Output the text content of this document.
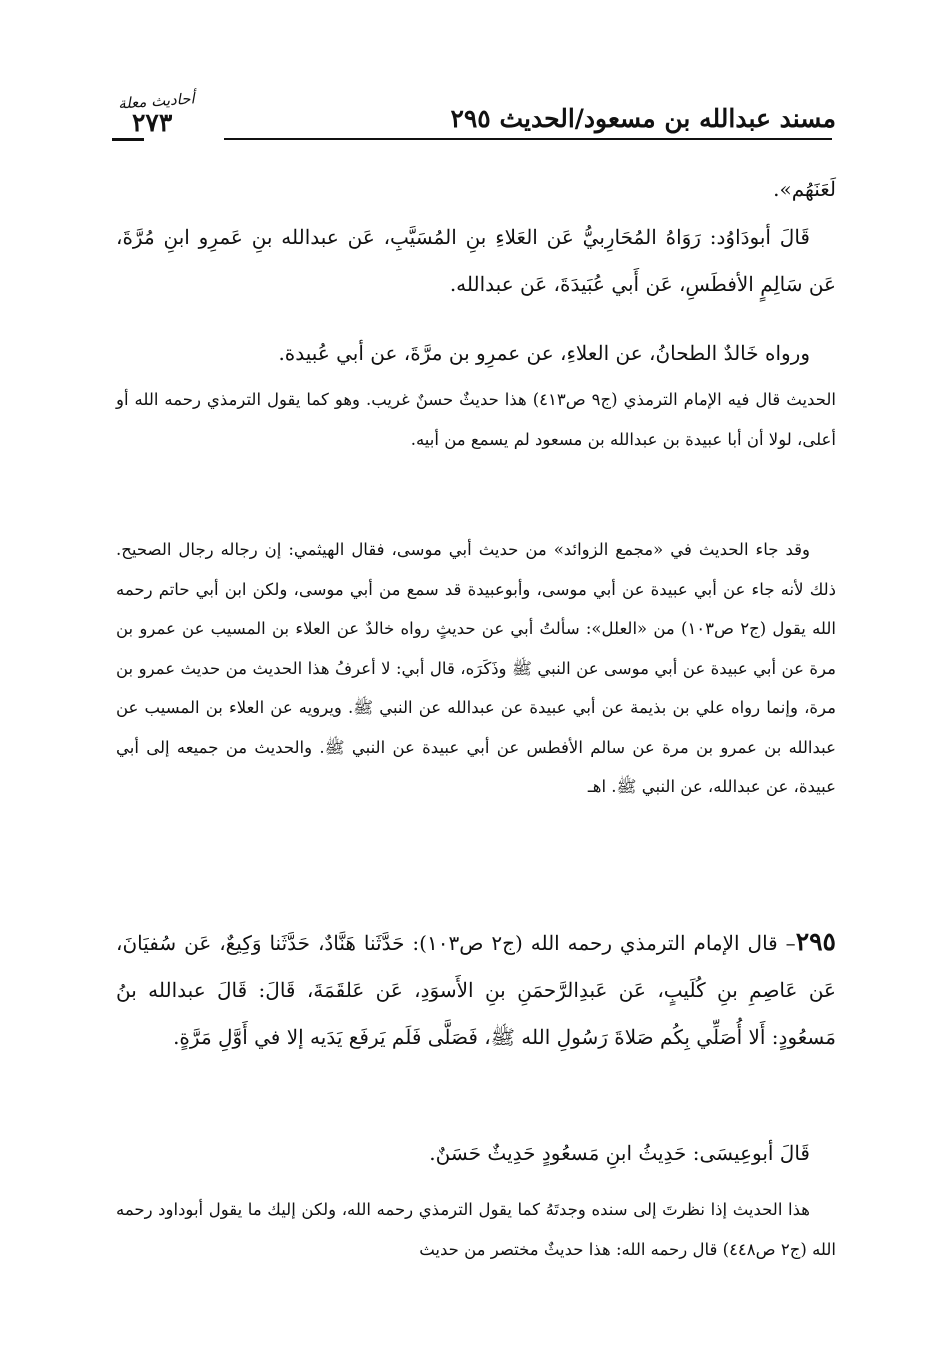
مسند عبدالله بن مسعود/الحديث ٢٩٥
أحاديث معلة
٢٧٣

لَعَنَهُم».

قَالَ أبودَاوُد: رَوَاهُ المُحَارِبيُّ عَن العَلاءِ بنِ المُسَيَّبِ، عَن عبدالله بنِ عَمرِو ابنِ مُرَّةَ، عَن سَالِمٍ الأفطَسِ، عَن أَبي عُبَيدَةَ، عَن عبدالله.

ورواه خَالدٌ الطحانُ، عن العلاءِ، عن عمرِو بن مرَّةَ، عن أبي عُبيدة.

الحديث قال فيه الإمام الترمذي (ج٩ ص٤١٣) هذا حديثٌ حسنٌ غريب. وهو كما يقول الترمذي رحمه الله أو أعلى، لولا أن أبا عبيدة بن عبدالله بن مسعود لم يسمع من أبيه.

وقد جاء الحديث في «مجمع الزوائد» من حديث أبي موسى، فقال الهيثمي: إن رجاله رجال الصحيح. ذلك لأنه جاء عن أبي عبيدة عن أبي موسى، وأبوعبيدة قد سمع من أبي موسى، ولكن ابن أبي حاتم رحمه الله يقول (ج٢ ص١٠٣) من «العلل»: سألتُ أبي عن حديثٍ رواه خالدٌ عن العلاء بن المسيب عن عمرو بن مرة عن أبي عبيدة عن أبي موسى عن النبي ﷺ وذَكَرَه، قال أبي: لا أعرفُ هذا الحديث من حديث عمرو بن مرة، وإنما رواه علي بن بذيمة عن أبي عبيدة عن عبدالله عن النبي ﷺ. ويرويه عن العلاء بن المسيب عن عبدالله بن عمرو بن مرة عن سالم الأفطس عن أبي عبيدة عن النبي ﷺ. والحديث من جميعه إلى أبي عبيدة، عن عبدالله، عن النبي ﷺ. اهـ

٢٩٥– قال الإمام الترمذي رحمه الله (ج٢ ص١٠٣): حَدَّثَنا هَنَّادٌ، حَدَّثَنا وَكِيعٌ، عَن سُفيَانَ، عَن عَاصِمِ بنِ كُلَيبٍ، عَن عَبدِالرَّحمَنِ بنِ الأَسوَدِ، عَن عَلقَمَةَ، قَالَ: قَالَ عبدالله بنُ مَسعُودٍ: أَلا أُصَلِّي بِكُم صَلاةَ رَسُولِ الله ﷺ، فَصَلَّى فَلَم يَرفَع يَدَيه إلا في أَوَّلِ مَرَّةٍ.

قَالَ أبوعِيسَى: حَدِيثُ ابنِ مَسعُودٍ حَدِيثٌ حَسَنٌ.

هذا الحديث إذا نظرتَ إلى سنده وجدتَهُ كما يقول الترمذي رحمه الله، ولكن إليك ما يقول أبوداود رحمه الله (ج٢ ص٤٤٨) قال رحمه الله: هذا حديثٌ مختصر من حديث
